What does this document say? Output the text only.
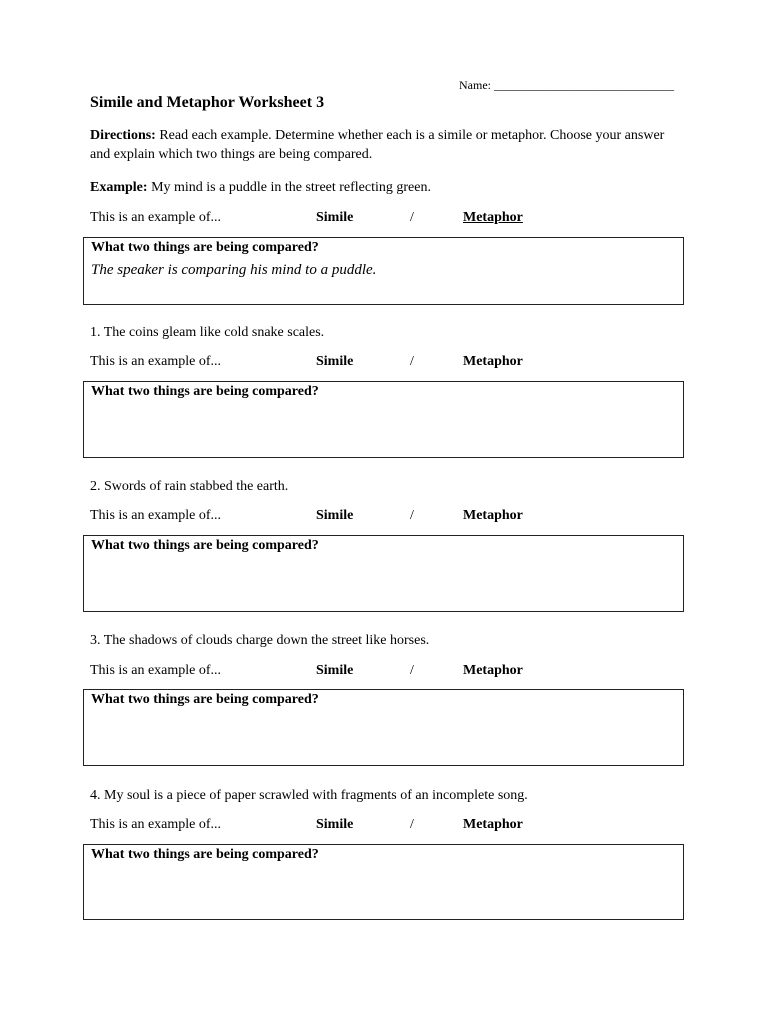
Name: ______________________________
Simile and Metaphor Worksheet 3
Directions: Read each example. Determine whether each is a simile or metaphor. Choose your answer and explain which two things are being compared.
Example: My mind is a puddle in the street reflecting green.
This is an example of...	Simile	/	Metaphor
What two things are being compared?
The speaker is comparing his mind to a puddle.
1. The coins gleam like cold snake scales.
This is an example of...	Simile	/	Metaphor
What two things are being compared?
2. Swords of rain stabbed the earth.
This is an example of...	Simile	/	Metaphor
What two things are being compared?
3. The shadows of clouds charge down the street like horses.
This is an example of...	Simile	/	Metaphor
What two things are being compared?
4. My soul is a piece of paper scrawled with fragments of an incomplete song.
This is an example of...	Simile	/	Metaphor
What two things are being compared?
